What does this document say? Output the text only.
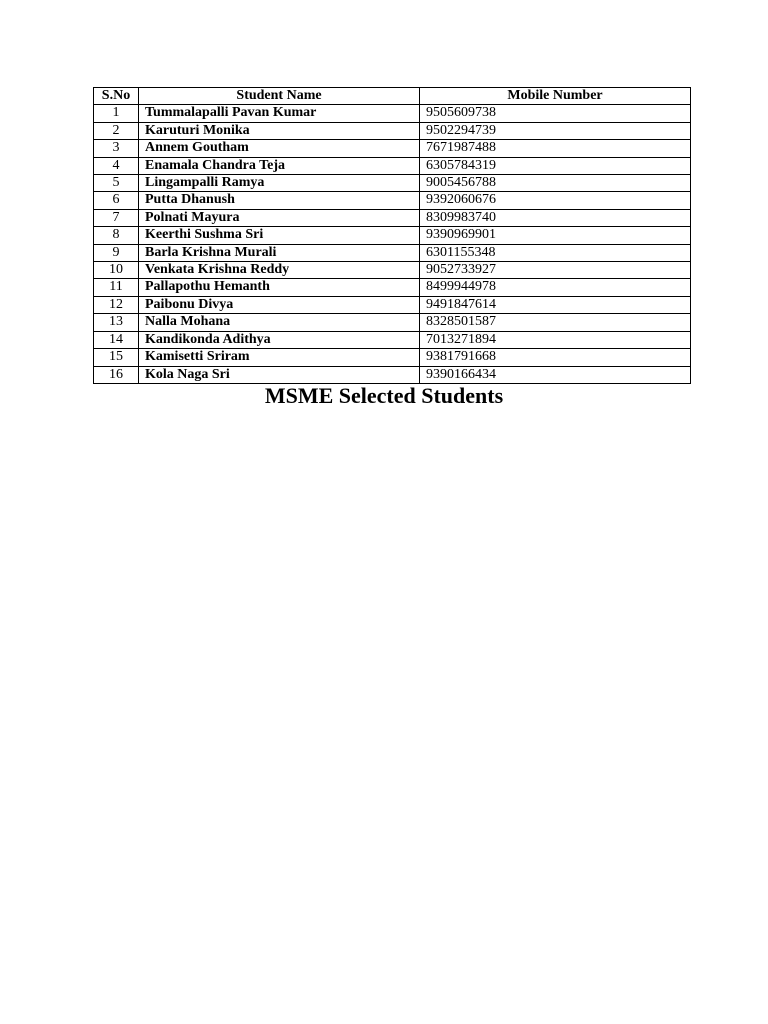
S.No	Student Name	Mobile Number
1	Tummalapalli Pavan Kumar	9505609738
2	Karuturi Monika	9502294739
3	Annem Goutham	7671987488
4	Enamala Chandra Teja	6305784319
5	Lingampalli Ramya	9005456788
6	Putta Dhanush	9392060676
7	Polnati Mayura	8309983740
8	Keerthi Sushma Sri	9390969901
9	Barla Krishna Murali	6301155348
10	Venkata Krishna Reddy	9052733927
11	Pallapothu Hemanth	8499944978
12	Paibonu Divya	9491847614
13	Nalla Mohana	8328501587
14	Kandikonda Adithya	7013271894
15	Kamisetti Sriram	9381791668
16	Kola Naga Sri	9390166434
MSME Selected Students
